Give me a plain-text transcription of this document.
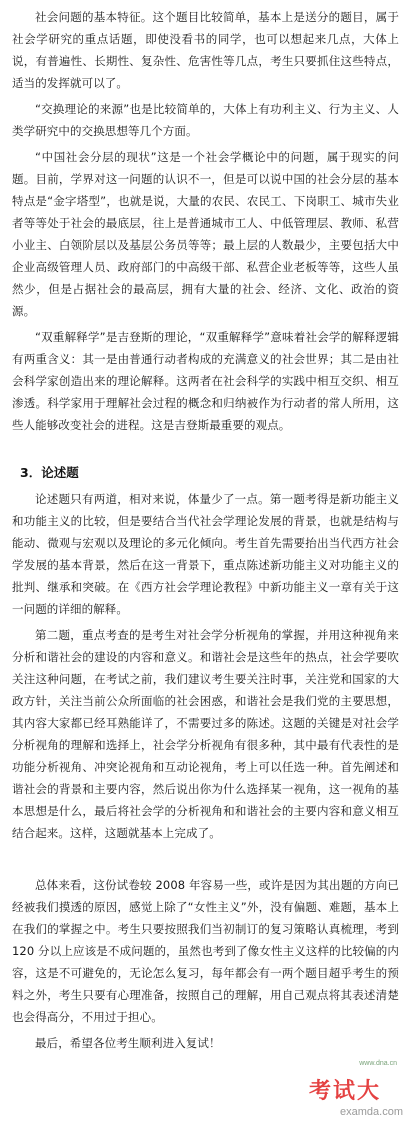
社会问题的基本特征。这个题目比较简单，基本上是送分的题目，属于社会学研究的重点话题，即使没看书的同学，也可以想起来几点，大体上说，有普遍性、长期性、复杂性、危害性等几点，考生只要抓住这些特点，适当的发挥就可以了。

“交换理论的来源”也是比较简单的，大体上有功利主义、行为主义、人类学研究中的交换思想等几个方面。

“中国社会分层的现状”这是一个社会学概论中的问题，属于现实的问题。目前，学界对这一问题的认识不一，但是可以说中国的社会分层的基本特点是“金字塔型”，也就是说，大量的农民、农民工、下岗职工、城市失业者等等处于社会的最底层，往上是普通城市工人、中低管理层、教师、私营小业主、白领阶层以及基层公务员等等；最上层的人数最少，主要包括大中企业高级管理人员、政府部门的中高级干部、私营企业老板等等，这些人虽然少，但是占据社会的最高层，拥有大量的社会、经济、文化、政治的资源。

“双重解释学”是吉登斯的理论，“双重解释学”意味着社会学的解释逻辑有两重含义：其一是由普通行动者构成的充满意义的社会世界；其二是由社会科学家创造出来的理论解释。这两者在社会科学的实践中相互交织、相互渗透。科学家用于理解社会过程的概念和归纳被作为行动者的常人所用，这些人能够改变社会的进程。这是吉登斯最重要的观点。

3．论述题

论述题只有两道，相对来说，体量少了一点。第一题考得是新功能主义和功能主义的比较，但是要结合当代社会学理论发展的背景，也就是结构与能动、微观与宏观以及理论的多元化倾向。考生首先需要抬出当代西方社会学发展的基本背景，然后在这一背景下，重点陈述新功能主义对功能主义的批判、继承和突破。在《西方社会学理论教程》中新功能主义一章有关于这一问题的详细的解释。

第二题，重点考查的是考生对社会学分析视角的掌握，并用这种视角来分析和谐社会的建设的内容和意义。和谐社会是这些年的热点，社会学要吹关注这种问题，在考试之前，我们建议考生要关注时事，关注党和国家的大政方针，关注当前公众所面临的社会困惑，和谐社会是我们党的主要思想，其内容大家都已经耳熟能详了，不需要过多的陈述。这题的关键是对社会学分析视角的理解和选择上，社会学分析视角有很多种，其中最有代表性的是功能分析视角、冲突论视角和互动论视角，考上可以任选一种。首先阐述和谐社会的背景和主要内容，然后说出你为什么选择某一视角，这一视角的基本思想是什么，最后将社会学的分析视角和和谐社会的主要内容和意义相互结合起来。这样，这题就基本上完成了。

总体来看，这份试卷较 2008 年容易一些，或许是因为其出题的方向已经被我们摸透的原因，感觉上除了“女性主义”外，没有偏题、难题，基本上在我们的掌握之中。考生只要按照我们当初制订的复习策略认真梳理，考到 120 分以上应该是不成问题的，虽然也考到了像女性主义这样的比较偏的内容，这是不可避免的，无论怎么复习，每年都会有一两个题目超乎考生的预料之外，考生只要有心理准备，按照自己的理解，用自己观点将其表述清楚也会得高分，不用过于担心。

最后，希望各位考生顺利进入复试！

www.dna.cn
考试大
examda.com
